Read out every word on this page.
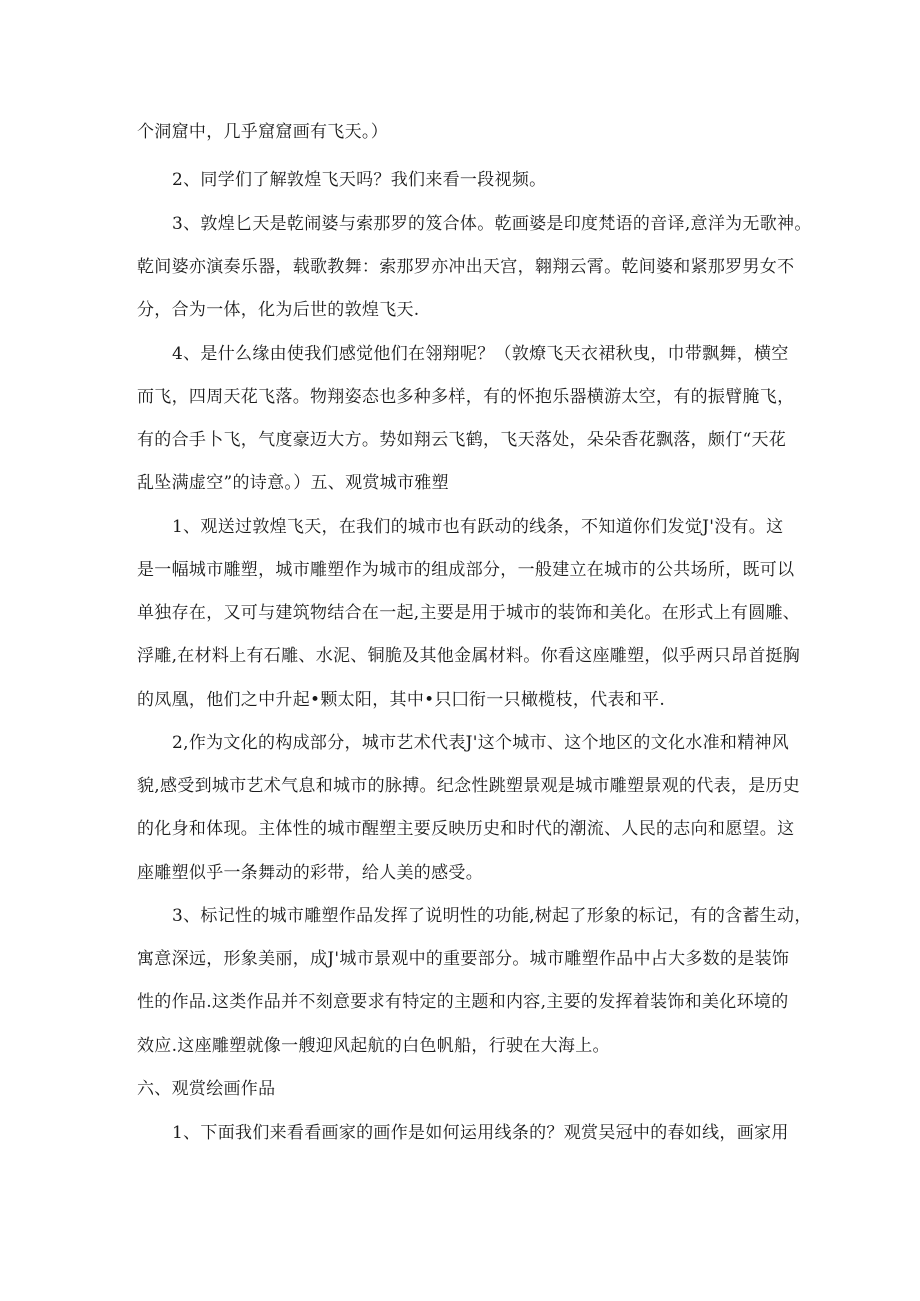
个洞窟中，几乎窟窟画有飞天。）
2、同学们了解敦煌飞天吗？我们来看一段视频。
3、敦煌匕天是乾闹婆与索那罗的笈合体。乾画婆是印度梵语的音译,意洋为无歌神。
乾间婆亦演奏乐器，载歌教舞：索那罗亦冲出天宫，翱翔云霄。乾间婆和紧那罗男女不
分，合为一体，化为后世的敦煌飞天.
4、是什么缘由使我们感觉他们在翎翔呢？（敦燎飞天衣裙秋曳，巾带飘舞，横空
而飞，四周天花飞落。物翔姿态也多种多样，有的怀抱乐器横游太空，有的振臂腌飞，
有的合手卜飞，气度豪迈大方。势如翔云飞鹤，飞天落处，朵朵香花飘落，颇仃“天花
乱坠满虚空”的诗意。）五、观赏城市雅塑
1、观送过敦煌飞天，在我们的城市也有跃动的线条，不知道你们发觉J'没有。这
是一幅城市雕塑，城市雕塑作为城市的组成部分，一般建立在城市的公共场所，既可以
单独存在，又可与建筑物结合在一起,主要是用于城市的装饰和美化。在形式上有圆雕、
浮雕,在材料上有石雕、水泥、铜脆及其他金属材料。你看这座雕塑，似乎两只昂首挺胸
的凤凰，他们之中升起•颗太阳，其中•只囗衔一只橄榄枝，代表和平.
2,作为文化的构成部分，城市艺术代表J'这个城市、这个地区的文化水准和精神风
貌,感受到城市艺术气息和城市的脉搏。纪念性跳塑景观是城市雕塑景观的代表，是历史
的化身和体现。主体性的城市醒塑主要反映历史和时代的潮流、人民的志向和愿望。这
座雕塑似乎一条舞动的彩带，给人美的感受。
3、标记性的城市雕塑作品发挥了说明性的功能,树起了形象的标记，有的含蓄生动，
寓意深远，形象美丽，成J'城市景观中的重要部分。城市雕塑作品中占大多数的是装饰
性的作品.这类作品并不刻意要求有特定的主题和内容,主要的发挥着装饰和美化环境的
效应.这座雕塑就像一艘迎风起航的白色帆船，行驶在大海上。
六、观赏绘画作品
1、下面我们来看看画家的画作是如何运用线条的？观赏吴冠中的春如线，画家用
